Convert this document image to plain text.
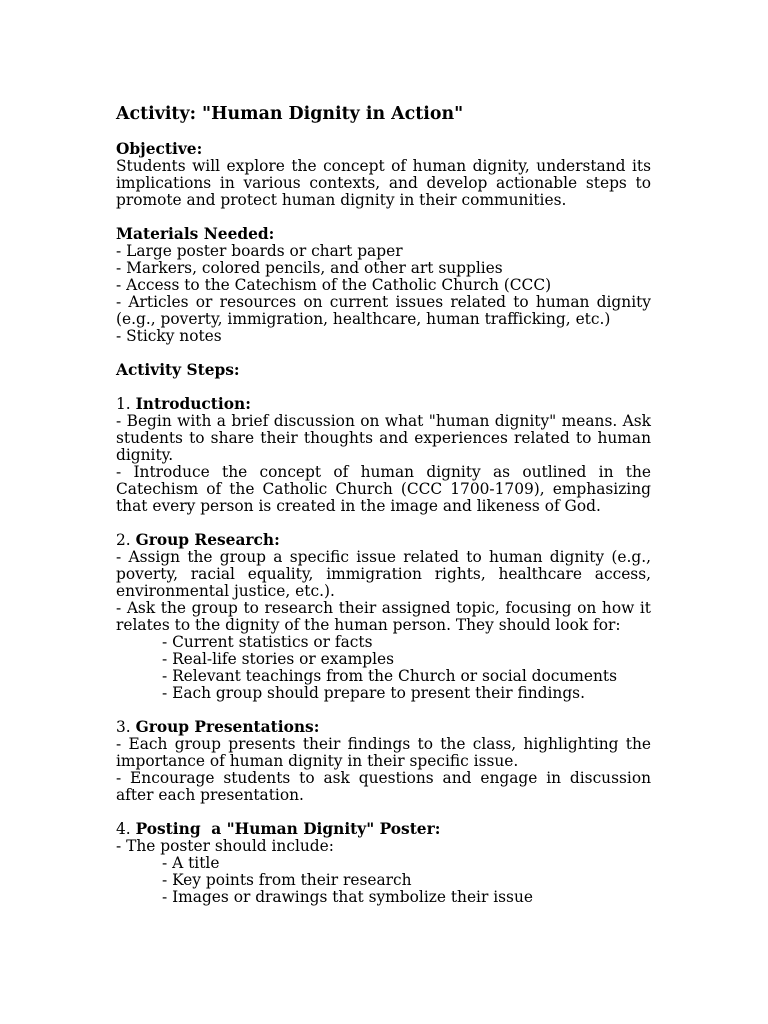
Activity: "Human Dignity in Action"

Objective:

Students will explore the concept of human dignity, understand its implications in various contexts, and develop actionable steps to promote and protect human dignity in their communities.

Materials Needed:

- Large poster boards or chart paper

- Markers, colored pencils, and other art supplies

- Access to the Catechism of the Catholic Church (CCC)

- Articles or resources on current issues related to human dignity (e.g., poverty, immigration, healthcare, human trafficking, etc.)

- Sticky notes

Activity Steps:

1. Introduction:

- Begin with a brief discussion on what "human dignity" means. Ask students to share their thoughts and experiences related to human dignity.

- Introduce the concept of human dignity as outlined in the Catechism of the Catholic Church (CCC 1700-1709), emphasizing that every person is created in the image and likeness of God.

2. Group Research:

- Assign the group a specific issue related to human dignity (e.g., poverty, racial equality, immigration rights, healthcare access, environmental justice, etc.).

- Ask the group to research their assigned topic, focusing on how it relates to the dignity of the human person. They should look for:

- Current statistics or facts

- Real-life stories or examples

- Relevant teachings from the Church or social documents

- Each group should prepare to present their findings.

3. Group Presentations:

- Each group presents their findings to the class, highlighting the importance of human dignity in their specific issue.

- Encourage students to ask questions and engage in discussion after each presentation.

4. Posting  a "Human Dignity" Poster:

- The poster should include:

- A title

- Key points from their research

- Images or drawings that symbolize their issue
